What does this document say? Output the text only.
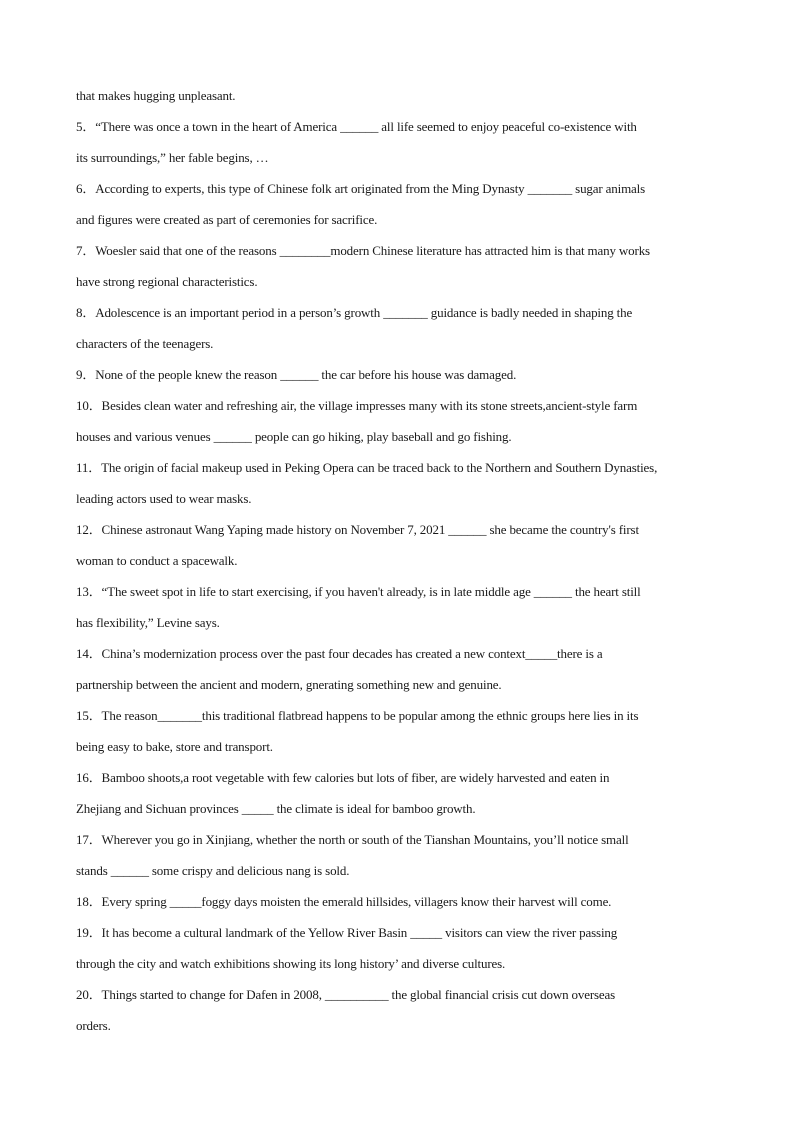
that makes hugging unpleasant.
5．“There was once a town in the heart of America ______ all life seemed to enjoy peaceful co-existence with
its surroundings,” her fable begins, …
6．According to experts, this type of Chinese folk art originated from the Ming Dynasty _______ sugar animals
and figures were created as part of ceremonies for sacrifice.
7．Woesler said that one of the reasons ________modern Chinese literature has attracted him is that many works
have strong regional characteristics.
8．Adolescence is an important period in a person’s growth _______ guidance is badly needed in shaping the
characters of the teenagers.
9．None of the people knew the reason ______ the car before his house was damaged.
10．Besides clean water and refreshing air, the village impresses many with its stone streets,ancient-style farm
houses and various venues ______ people can go hiking, play baseball and go fishing.
11．The origin of facial makeup used in Peking Opera can be traced back to the Northern and Southern Dynasties,
leading actors used to wear masks.
12．Chinese astronaut Wang Yaping made history on November 7, 2021 ______ she became the country's first
woman to conduct a spacewalk.
13．“The sweet spot in life to start exercising, if you haven't already, is in late middle age ______ the heart still
has flexibility,” Levine says.
14．China’s modernization process over the past four decades has created a new context_____there is a
partnership between the ancient and modern, gnerating something new and genuine.
15．The reason_______this traditional flatbread happens to be popular among the ethnic groups here lies in its
being easy to bake, store and transport.
16．Bamboo shoots,a root vegetable with few calories but lots of fiber, are widely harvested and eaten in
Zhejiang and Sichuan provinces _____ the climate is ideal for bamboo growth.
17．Wherever you go in Xinjiang, whether the north or south of the Tianshan Mountains, you’ll notice small
stands ______ some crispy and delicious nang is sold.
18．Every spring _____foggy days moisten the emerald hillsides, villagers know their harvest will come.
19．It has become a cultural landmark of the Yellow River Basin _____ visitors can view the river passing
through the city and watch exhibitions showing its long history’ and diverse cultures.
20．Things started to change for Dafen in 2008, __________ the global financial crisis cut down overseas
orders.
